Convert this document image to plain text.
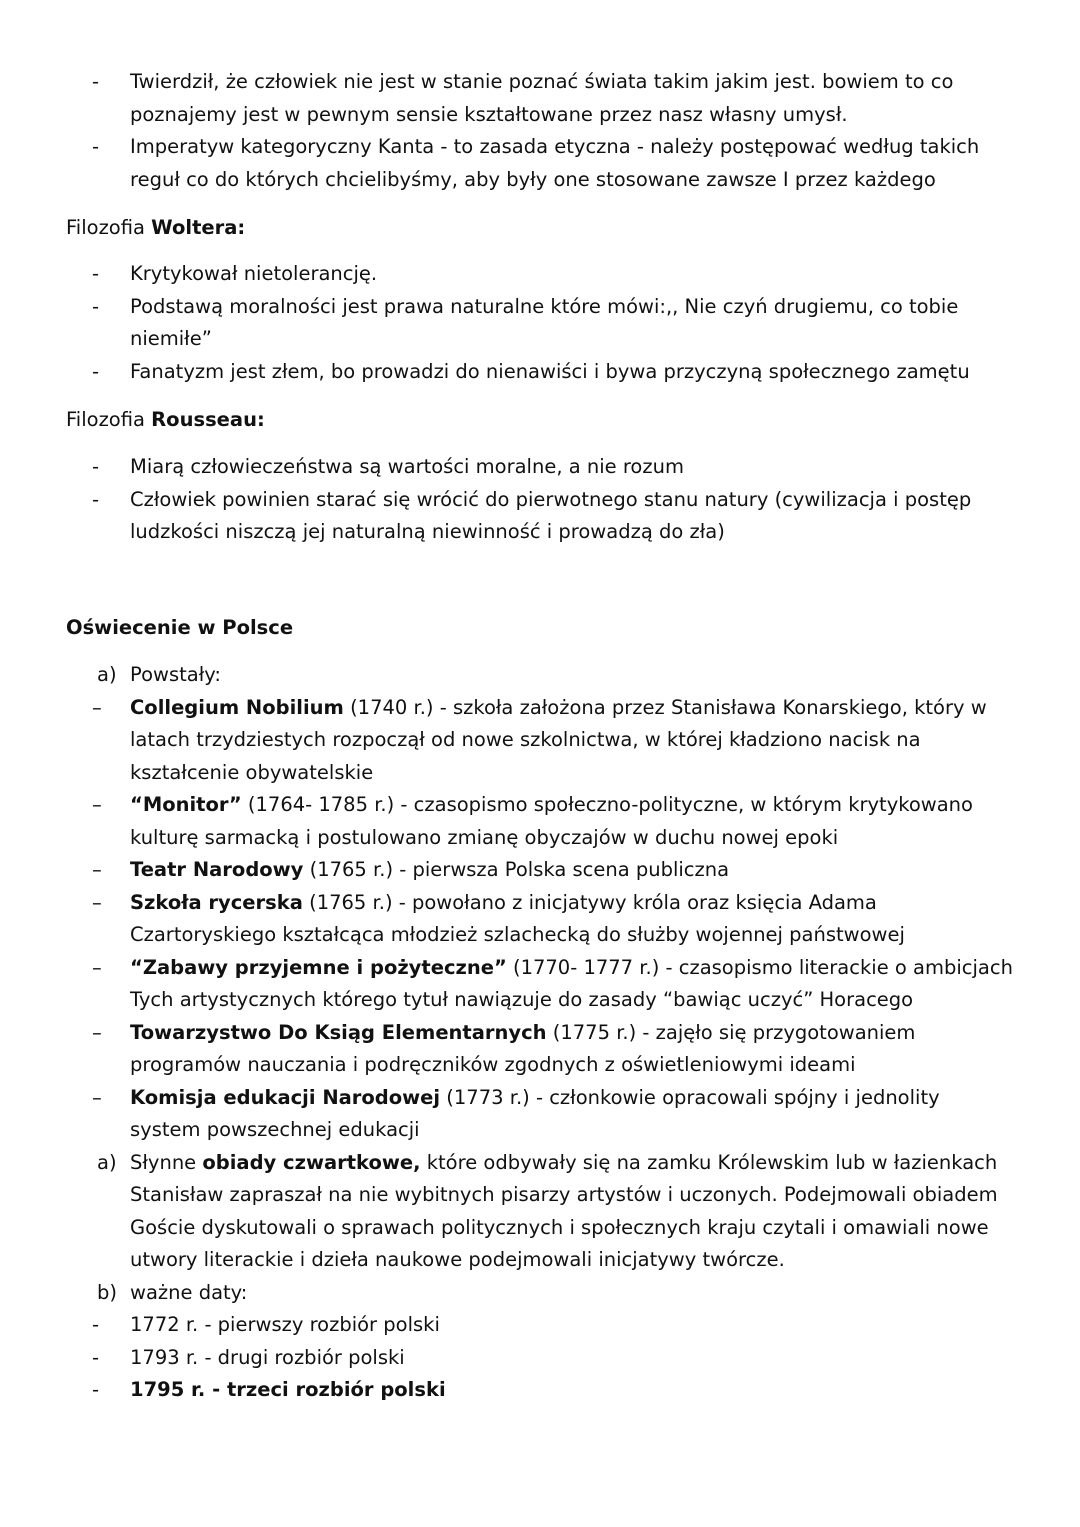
-	Twierdził, że człowiek nie jest w stanie poznać świata takim jakim jest. bowiem to co
poznajemy jest w pewnym sensie kształtowane przez nasz własny umysł.
-	Imperatyw kategoryczny Kanta - to zasada etyczna - należy postępować według takich
reguł co do których chcielibyśmy, aby były one stosowane zawsze I przez każdego
Filozofia Woltera:
-	Krytykował nietolerancję.
-	Podstawą moralności jest prawa naturalne które mówi:,, Nie czyń drugiemu, co tobie
niemiłe”
-	Fanatyzm jest złem, bo prowadzi do nienawiści i bywa przyczyną społecznego zamętu
Filozofia Rousseau:
-	Miarą człowieczeństwa są wartości moralne, a nie rozum
-	Człowiek powinien starać się wrócić do pierwotnego stanu natury (cywilizacja i postęp
ludzkości niszczą jej naturalną niewinność i prowadzą do zła)
Oświecenie w Polsce
a) Powstały:
–	Collegium Nobilium (1740 r.) - szkoła założona przez Stanisława Konarskiego, który w
latach trzydziestych rozpoczął od nowe szkolnictwa, w której kładziono nacisk na
kształcenie obywatelskie
–	“Monitor” (1764- 1785 r.) - czasopismo społeczno-polityczne, w którym krytykowano
kulturę sarmacką i postulowano zmianę obyczajów w duchu nowej epoki
–	Teatr Narodowy (1765 r.) - pierwsza Polska scena publiczna
–	Szkoła rycerska (1765 r.) - powołano z inicjatywy króla oraz księcia Adama
Czartoryskiego kształcąca młodzież szlachecką do służby wojennej państwowej
–	“Zabawy przyjemne i pożyteczne” (1770- 1777 r.) - czasopismo literackie o ambicjach
Tych artystycznych którego tytuł nawiązuje do zasady “bawiąc uczyć” Horacego
–	Towarzystwo Do Ksiąg Elementarnych (1775 r.) - zajęło się przygotowaniem
programów nauczania i podręczników zgodnych z oświetleniowymi ideami
–	Komisja edukacji Narodowej (1773 r.) - członkowie opracowali spójny i jednolity
system powszechnej edukacji
a) Słynne obiady czwartkowe, które odbywały się na zamku Królewskim lub w łazienkach
Stanisław zapraszał na nie wybitnych pisarzy artystów i uczonych. Podejmowali obiadem
Goście dyskutowali o sprawach politycznych i społecznych kraju czytali i omawiali nowe
utwory literackie i dzieła naukowe podejmowali inicjatywy twórcze.
b) ważne daty:
-	1772 r. - pierwszy rozbiór polski
-	1793 r. - drugi rozbiór polski
-	1795 r. - trzeci rozbiór polski
